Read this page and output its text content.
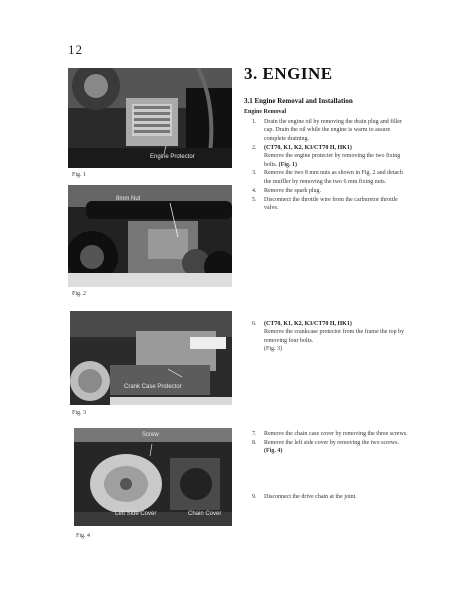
12
Engine Protector
Fig. 1
8mm Nut
Fig. 2
Crank Case Protector
Fig. 3
Screw
Left Side Cover	Chain Cover
Fig. 4
3. ENGINE
3.1 Engine Removal and Installation
Engine Removal
1. Drain the engine oil by removing the drain plug and filler cap. Drain the oil while the engine is warm to assure complete draining.
2. (CT70, K1, K2, K3/CT70 H, HK1)
Remove the engine protecter by removing the two fixing bolts. (Fig. 1)
3. Remove the two 8 mm nuts as shown in Fig. 2 and detach the muffler by removing the two 6 mm fixing nuts.
4. Remove the spark plug.
5. Disconnect the throttle wire from the carburetor throttle valve.
6. (CT70, K1, K2, K3/CT70 H, HK1)
Remove the crankcase protector from the frame the top by removing four bolts.
(Fig. 3)
7. Remove the chain case cover by removing the three screws.
8. Remove the left side cover by removing the two screws. (Fig. 4)
9. Disconnect the drive chain at the joint.
